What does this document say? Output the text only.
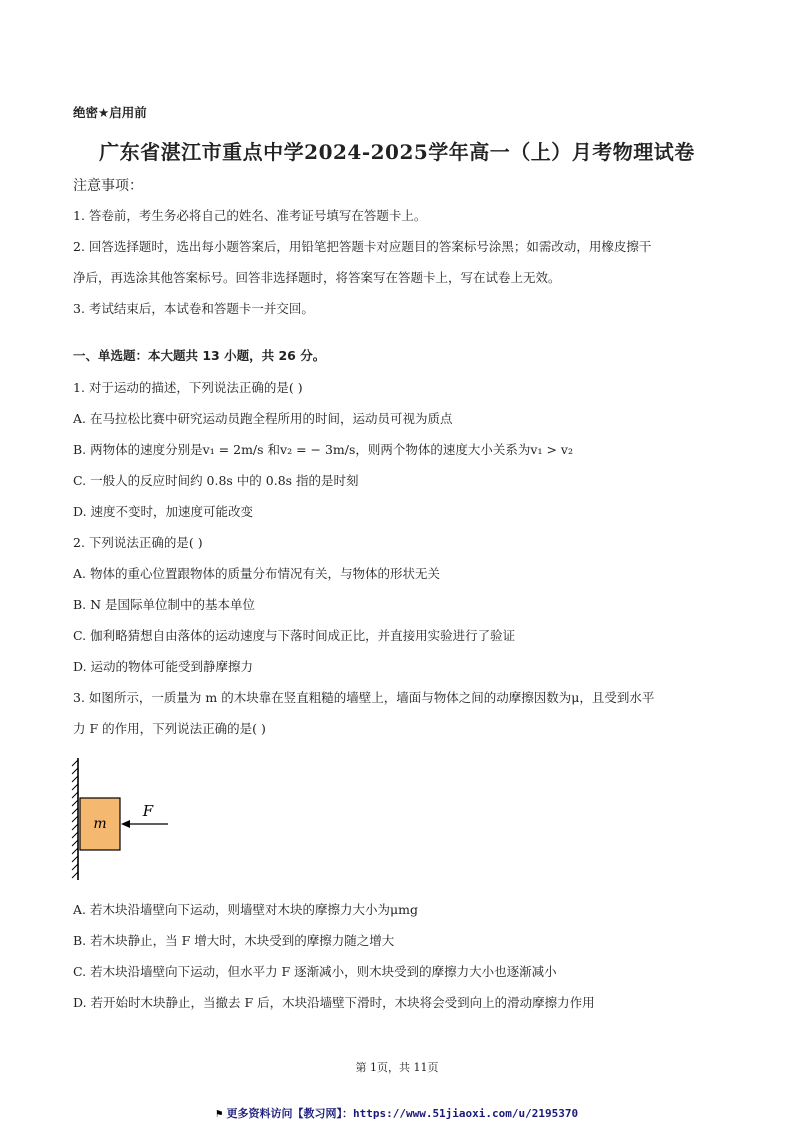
绝密★启用前
广东省湛江市重点中学2024-2025学年高一（上）月考物理试卷
注意事项：
1. 答卷前，考生务必将自己的姓名、准考证号填写在答题卡上。
2. 回答选择题时，选出每小题答案后，用铅笔把答题卡对应题目的答案标号涂黑；如需改动，用橡皮擦干
净后，再选涂其他答案标号。回答非选择题时，将答案写在答题卡上，写在试卷上无效。
3. 考试结束后，本试卷和答题卡一并交回。
一、单选题：本大题共 13 小题，共 26 分。
1. 对于运动的描述，下列说法正确的是( )
A. 在马拉松比赛中研究运动员跑全程所用的时间，运动员可视为质点
B. 两物体的速度分别是v₁ = 2m/s 和v₂ = − 3m/s，则两个物体的速度大小关系为v₁ > v₂
C. 一般人的反应时间约 0.8s 中的 0.8s 指的是时刻
D. 速度不变时，加速度可能改变
2. 下列说法正确的是( )
A. 物体的重心位置跟物体的质量分布情况有关，与物体的形状无关
B. N 是国际单位制中的基本单位
C. 伽利略猜想自由落体的运动速度与下落时间成正比，并直接用实验进行了验证
D. 运动的物体可能受到静摩擦力
3. 如图所示，一质量为 m 的木块靠在竖直粗糙的墙壁上，墙面与物体之间的动摩擦因数为μ，且受到水平
力 F 的作用，下列说法正确的是( )
m
F
A. 若木块沿墙壁向下运动，则墙壁对木块的摩擦力大小为μmg
B. 若木块静止，当 F 增大时，木块受到的摩擦力随之增大
C. 若木块沿墙壁向下运动，但水平力 F 逐渐减小，则木块受到的摩擦力大小也逐渐减小
D. 若开始时木块静止，当撤去 F 后，木块沿墙壁下滑时，木块将会受到向上的滑动摩擦力作用
第 1页，共 11页
⚑ 更多资料访问【教习网】：https://www.51jiaoxi.com/u/2195370
